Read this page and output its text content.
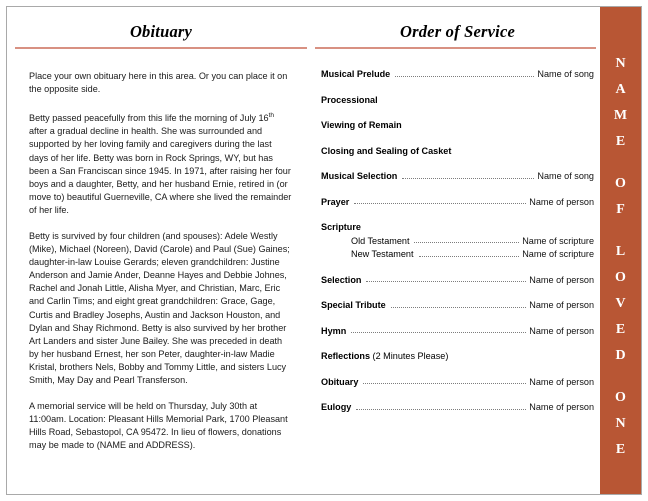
Obituary

Place your own obituary here in this area. Or you can place it on the opposite side.

Betty passed peacefully from this life the morning of July 16th after a gradual decline in health. She was surrounded and supported by her loving family and caregivers during the last days of her life. Betty was born in Rock Springs, WY, but has been a San Franciscan since 1945. In 1971, after raising her four boys and a daughter, Betty, and her husband Ernie, retired in (or move to) beautiful Guerneville, CA where she lived the remainder of her life.

Betty is survived by four children (and spouses): Adele Westly (Mike), Michael (Noreen), David (Carole) and Paul (Sue) Gaines; daughter-in-law Louise Gerards; eleven grandchildren: Justine Anderson and Jamie Ander, Deanne Hayes and Debbie Johnes, Rachel and Jonah Little, Alisha Myer, and Christian, Marc, Eric and Carlin Tims; and eight great grandchildren: Grace, Gage, Curtis and Bradley Josephs, Austin and Jackson Houston, and Dylan and Shay Richmond. Betty is also survived by her brother Art Landers and sister June Bailey. She was preceded in death by her husband Ernest, her son Peter, daughter-in-law Madie Kristal, brothers Nels, Bobby and Tommy Little, and sisters Lucy Smith, May Day and Pearl Transferson.

A memorial service will be held on Thursday, July 30th at 11:00am. Location: Pleasant Hills Memorial Park, 1700 Pleasant Hills Road, Sebastopol, CA 95472. In lieu of flowers, donations may be made to (NAME and ADDRESS).

Order of Service
Musical Prelude	Name of song
Processional
Viewing of Remain
Closing and Sealing of Casket
Musical Selection	Name of song
Prayer	Name of person
Scripture
Old Testament	Name of scripture
New Testament	Name of scripture
Selection	Name of person
Special Tribute	Name of person
Hymn	Name of person
Reflections (2 Minutes Please)
Obituary	Name of person
Eulogy	Name of person
N
A
M
E

O
F

L
O
V
E
D

O
N
E
